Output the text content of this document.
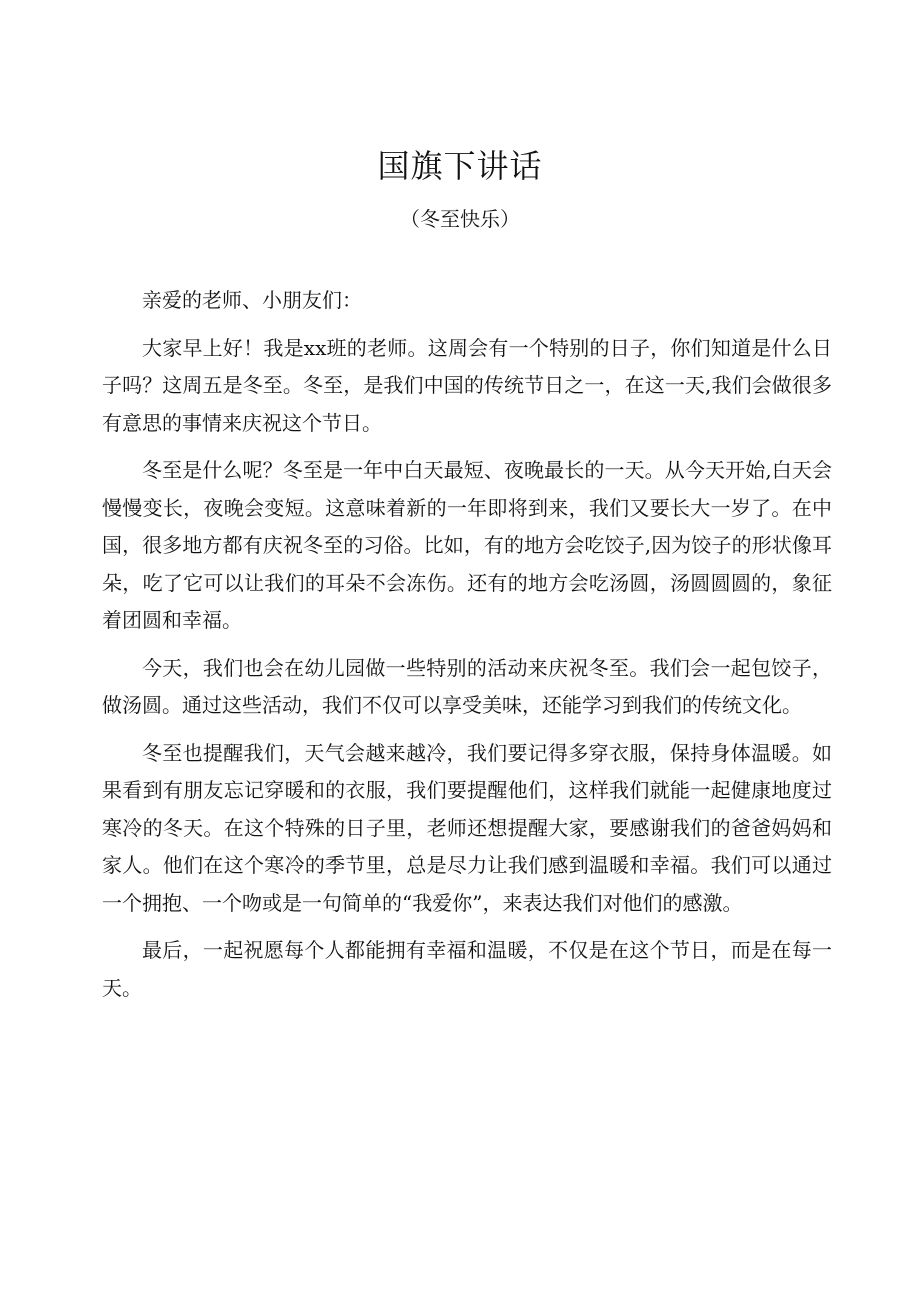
国旗下讲话
（冬至快乐）

亲爱的老师、小朋友们：

大家早上好！我是xx班的老师。这周会有一个特别的日子，你们知道是什么日子吗？这周五是冬至。冬至，是我们中国的传统节日之一，在这一天,我们会做很多有意思的事情来庆祝这个节日。

冬至是什么呢？冬至是一年中白天最短、夜晚最长的一天。从今天开始,白天会慢慢变长，夜晚会变短。这意味着新的一年即将到来，我们又要长大一岁了。在中国，很多地方都有庆祝冬至的习俗。比如，有的地方会吃饺子,因为饺子的形状像耳朵，吃了它可以让我们的耳朵不会冻伤。还有的地方会吃汤圆，汤圆圆圆的，象征着团圆和幸福。

今天，我们也会在幼儿园做一些特别的活动来庆祝冬至。我们会一起包饺子，做汤圆。通过这些活动，我们不仅可以享受美味，还能学习到我们的传统文化。

冬至也提醒我们，天气会越来越冷，我们要记得多穿衣服，保持身体温暖。如果看到有朋友忘记穿暖和的衣服，我们要提醒他们，这样我们就能一起健康地度过寒冷的冬天。在这个特殊的日子里，老师还想提醒大家，要感谢我们的爸爸妈妈和家人。他们在这个寒冷的季节里，总是尽力让我们感到温暖和幸福。我们可以通过一个拥抱、一个吻或是一句简单的“我爱你”，来表达我们对他们的感激。

最后，一起祝愿每个人都能拥有幸福和温暖，不仅是在这个节日，而是在每一天。
